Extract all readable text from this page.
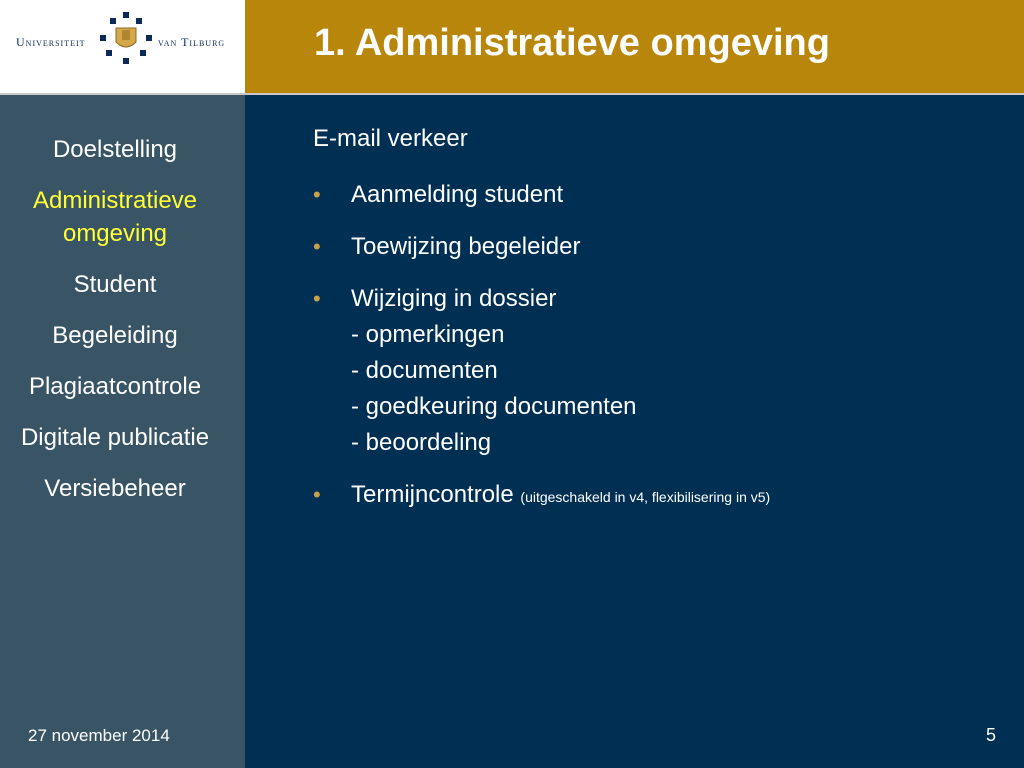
Universiteit	van Tilburg 1. Administratieve omgeving
Doelstelling
Administratieve omgeving
Student
Begeleiding
Plagiaatcontrole
Digitale publicatie
Versiebeheer
27 november 2014

E-mail verkeer

• Aanmelding student
• Toewijzing begeleider
• Wijziging in dossier
- opmerkingen
- documenten
- goedkeuring documenten
- beoordeling
• Termijncontrole (uitgeschakeld in v4, flexibilisering in v5)
5
